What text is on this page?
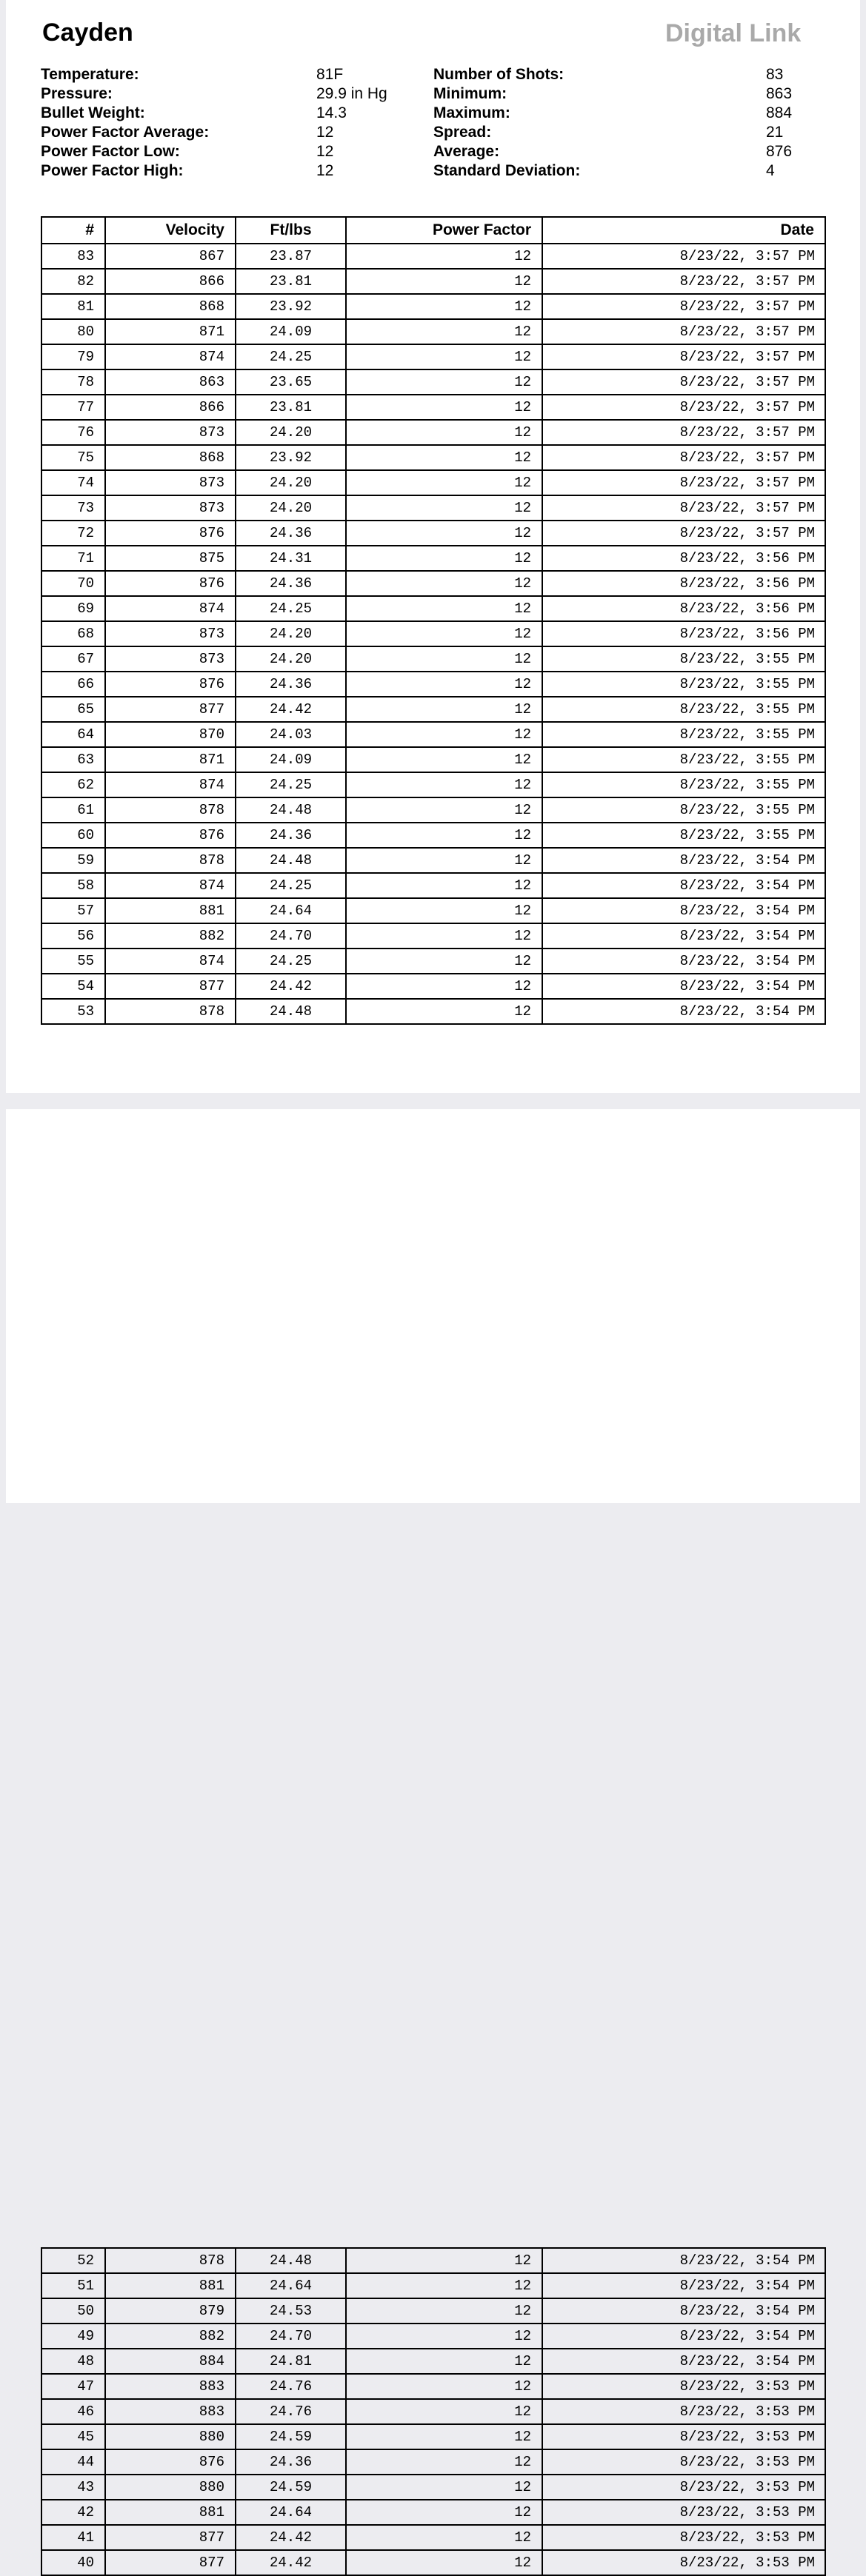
Cayden	Digital Link
Temperature:	81F
Pressure:	29.9 in Hg
Bullet Weight:	14.3
Power Factor Average:	12
Power Factor Low:	12
Power Factor High:	12
Number of Shots:	83
Minimum:	863
Maximum:	884
Spread:	21
Average:	876
Standard Deviation:	4
#	Velocity	Ft/lbs	Power Factor	Date
83	867	23.87	12	8/23/22, 3:57 PM
82	866	23.81	12	8/23/22, 3:57 PM
81	868	23.92	12	8/23/22, 3:57 PM
80	871	24.09	12	8/23/22, 3:57 PM
79	874	24.25	12	8/23/22, 3:57 PM
78	863	23.65	12	8/23/22, 3:57 PM
77	866	23.81	12	8/23/22, 3:57 PM
76	873	24.20	12	8/23/22, 3:57 PM
75	868	23.92	12	8/23/22, 3:57 PM
74	873	24.20	12	8/23/22, 3:57 PM
73	873	24.20	12	8/23/22, 3:57 PM
72	876	24.36	12	8/23/22, 3:57 PM
71	875	24.31	12	8/23/22, 3:56 PM
70	876	24.36	12	8/23/22, 3:56 PM
69	874	24.25	12	8/23/22, 3:56 PM
68	873	24.20	12	8/23/22, 3:56 PM
67	873	24.20	12	8/23/22, 3:55 PM
66	876	24.36	12	8/23/22, 3:55 PM
65	877	24.42	12	8/23/22, 3:55 PM
64	870	24.03	12	8/23/22, 3:55 PM
63	871	24.09	12	8/23/22, 3:55 PM
62	874	24.25	12	8/23/22, 3:55 PM
61	878	24.48	12	8/23/22, 3:55 PM
60	876	24.36	12	8/23/22, 3:55 PM
59	878	24.48	12	8/23/22, 3:54 PM
58	874	24.25	12	8/23/22, 3:54 PM
57	881	24.64	12	8/23/22, 3:54 PM
56	882	24.70	12	8/23/22, 3:54 PM
55	874	24.25	12	8/23/22, 3:54 PM
54	877	24.42	12	8/23/22, 3:54 PM
53	878	24.48	12	8/23/22, 3:54 PM
52	878	24.48	12	8/23/22, 3:54 PM
51	881	24.64	12	8/23/22, 3:54 PM
50	879	24.53	12	8/23/22, 3:54 PM
49	882	24.70	12	8/23/22, 3:54 PM
48	884	24.81	12	8/23/22, 3:54 PM
47	883	24.76	12	8/23/22, 3:53 PM
46	883	24.76	12	8/23/22, 3:53 PM
45	880	24.59	12	8/23/22, 3:53 PM
44	876	24.36	12	8/23/22, 3:53 PM
43	880	24.59	12	8/23/22, 3:53 PM
42	881	24.64	12	8/23/22, 3:53 PM
41	877	24.42	12	8/23/22, 3:53 PM
40	877	24.42	12	8/23/22, 3:53 PM
